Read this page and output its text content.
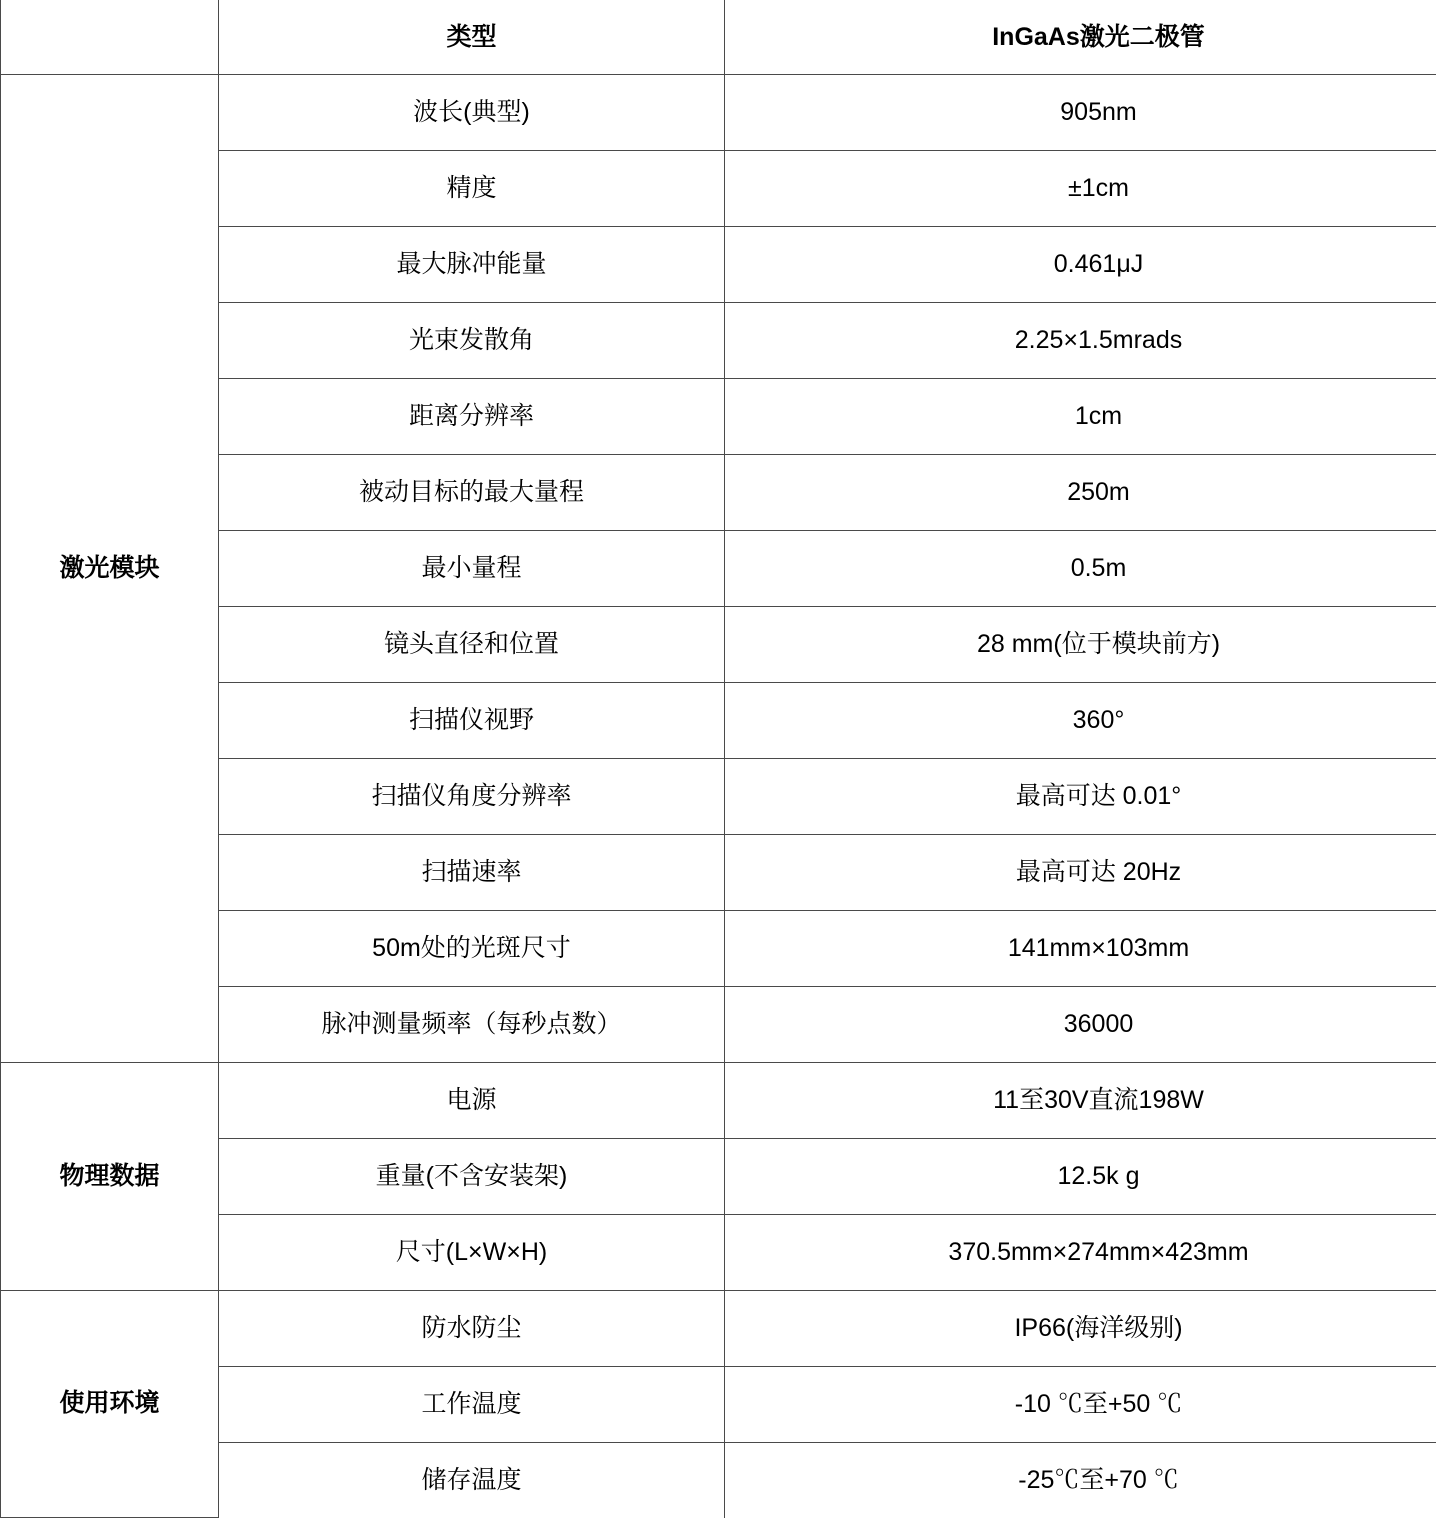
	类型	InGaAs激光二极管
激光模块	波长(典型)	905nm
	精度	±1cm
	最大脉冲能量	0.461μJ
	光束发散角	2.25×1.5mrads
	距离分辨率	1cm
	被动目标的最大量程	250m
	最小量程	0.5m
	镜头直径和位置	28 mm(位于模块前方)
	扫描仪视野	360°
	扫描仪角度分辨率	最高可达 0.01°
	扫描速率	最高可达 20Hz
	50m处的光斑尺寸	141mm×103mm
	脉冲测量频率（每秒点数）	36000
物理数据	电源	11至30V直流198W
	重量(不含安装架)	12.5k g
	尺寸(L×W×H)	370.5mm×274mm×423mm
使用环境	防水防尘	IP66(海洋级别)
	工作温度	-10 ℃至+50 ℃
	储存温度	-25℃至+70 ℃
